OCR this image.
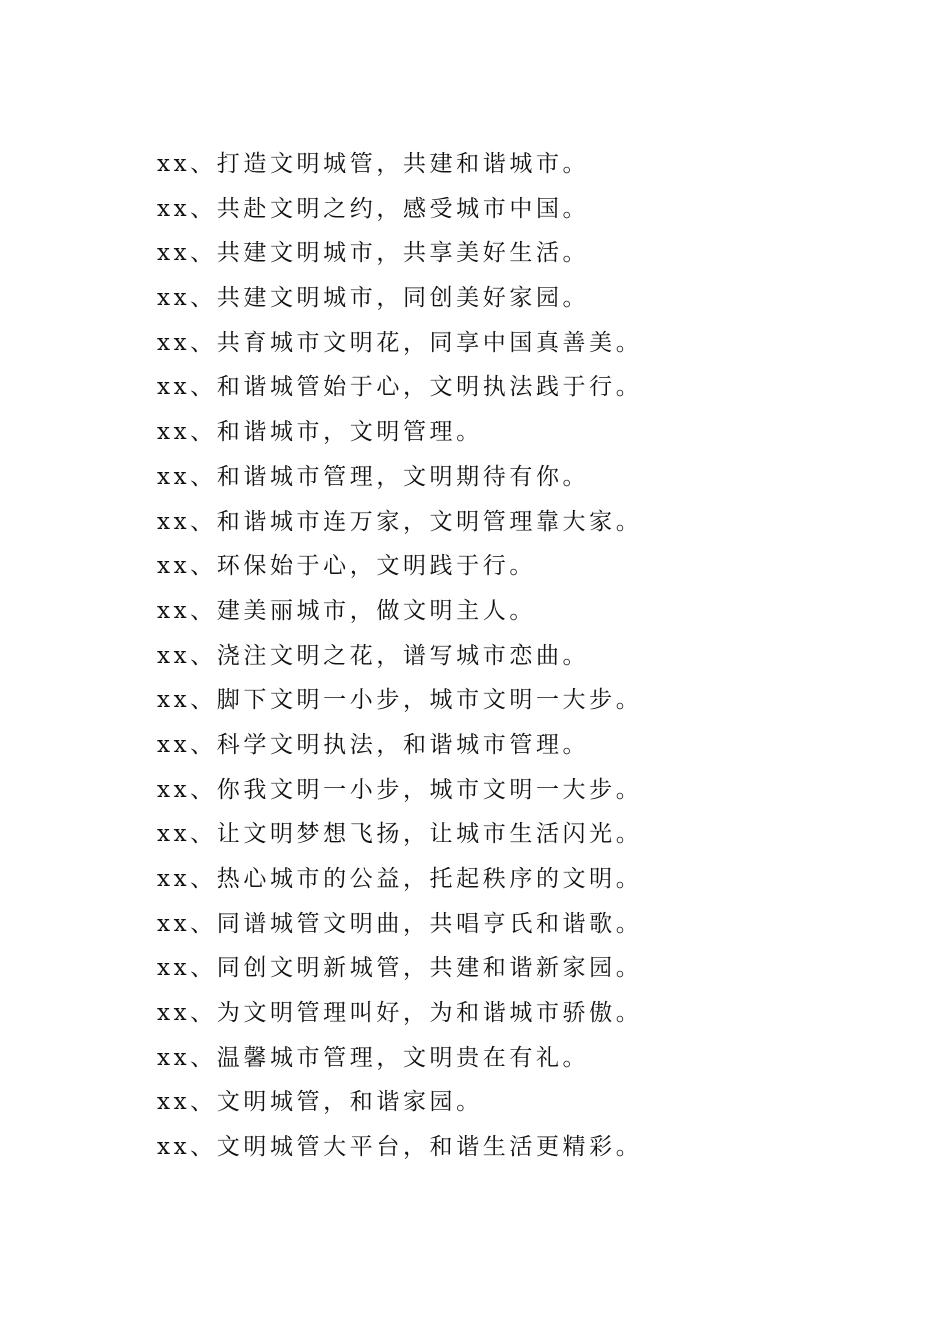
xx、打造文明城管，共建和谐城市。
xx、共赴文明之约，感受城市中国。
xx、共建文明城市，共享美好生活。
xx、共建文明城市，同创美好家园。
xx、共育城市文明花，同享中国真善美。
xx、和谐城管始于心，文明执法践于行。
xx、和谐城市，文明管理。
xx、和谐城市管理，文明期待有你。
xx、和谐城市连万家，文明管理靠大家。
xx、环保始于心，文明践于行。
xx、建美丽城市，做文明主人。
xx、浇注文明之花，谱写城市恋曲。
xx、脚下文明一小步，城市文明一大步。
xx、科学文明执法，和谐城市管理。
xx、你我文明一小步，城市文明一大步。
xx、让文明梦想飞扬，让城市生活闪光。
xx、热心城市的公益，托起秩序的文明。
xx、同谱城管文明曲，共唱亨氏和谐歌。
xx、同创文明新城管，共建和谐新家园。
xx、为文明管理叫好，为和谐城市骄傲。
xx、温馨城市管理，文明贵在有礼。
xx、文明城管，和谐家园。
xx、文明城管大平台，和谐生活更精彩。
